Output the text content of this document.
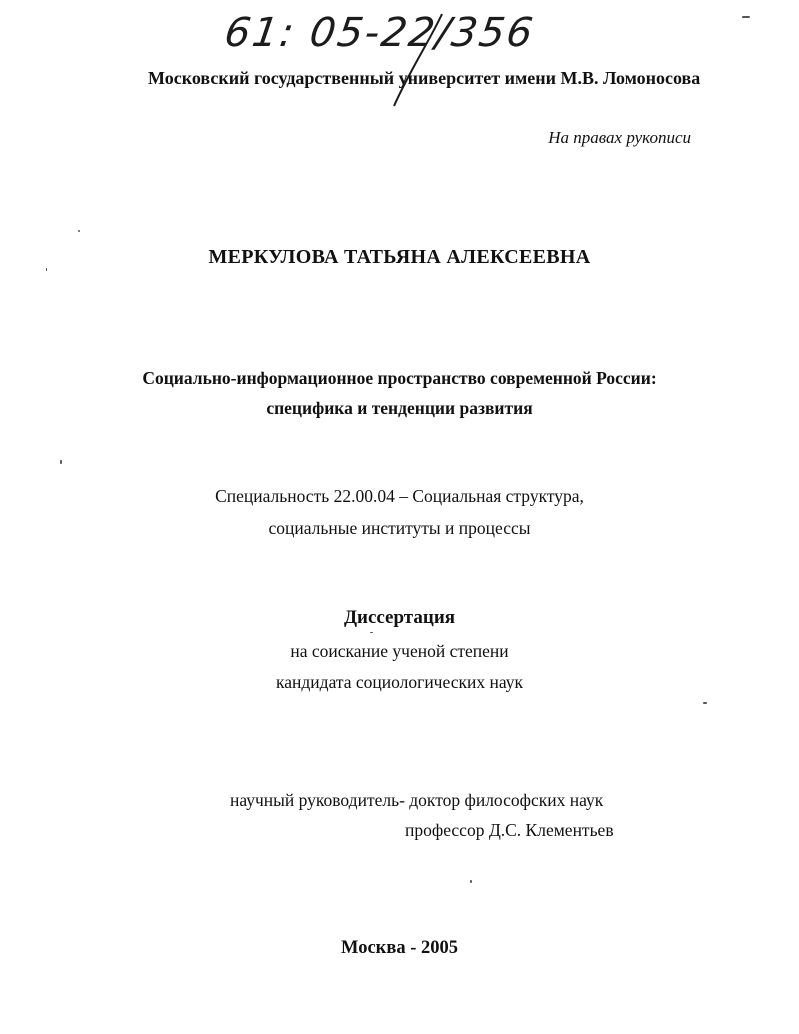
61: 05-22/356
Московский государственный университет имени М.В. Ломоносова
На правах рукописи
МЕРКУЛОВА ТАТЬЯНА АЛЕКСЕЕВНА
Социально-информационное пространство современной России:
специфика и тенденции развития
Специальность 22.00.04 – Социальная структура,
социальные институты и процессы
Диссертация
на соискание ученой степени
кандидата социологических наук
научный руководитель- доктор философских наук
профессор Д.С. Клементьев
Москва - 2005
